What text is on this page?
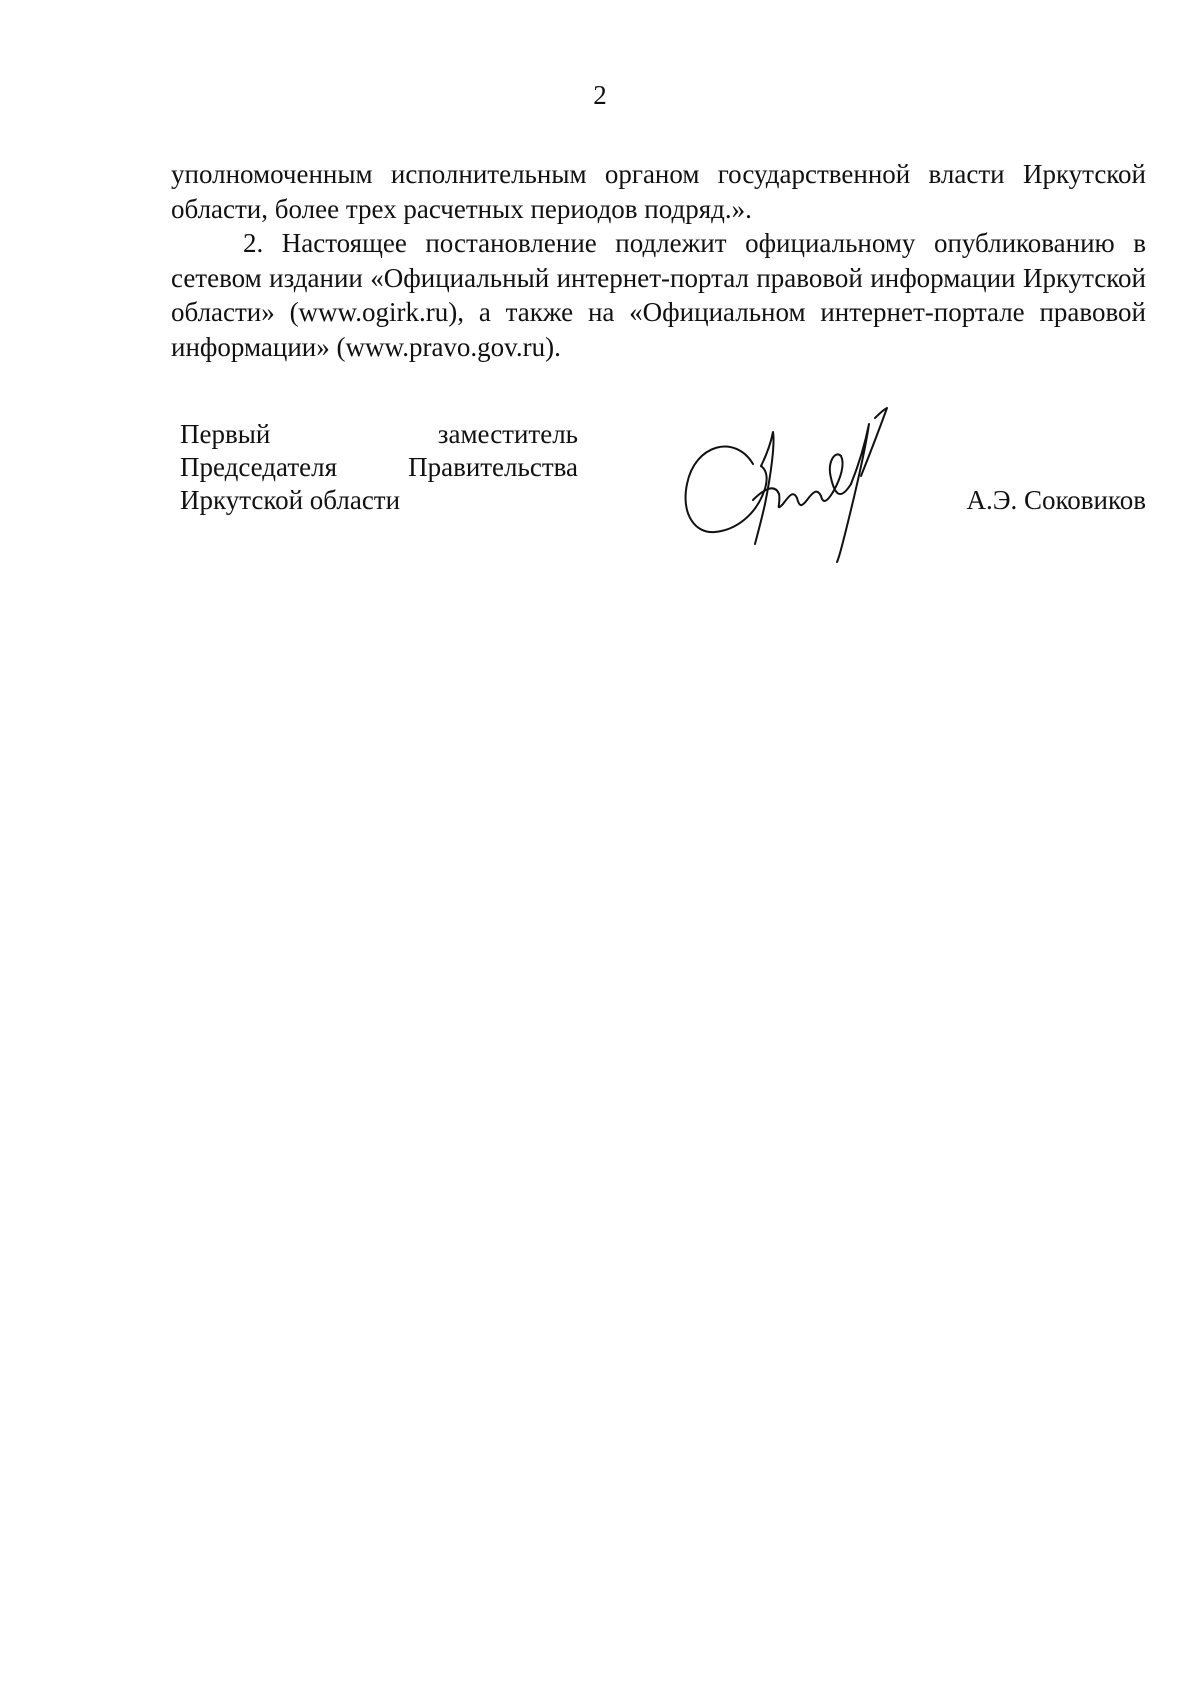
2

уполномоченным исполнительным органом государственной власти Иркутской области, более трех расчетных периодов подряд.».

2. Настоящее постановление подлежит официальному опубликованию в сетевом издании «Официальный интернет-портал правовой информации Иркутской области» (www.ogirk.ru), а также на «Официальном интернет-портале правовой информации» (www.pravo.gov.ru).

Первый заместитель
Председателя Правительства
Иркутской области	А.Э. Соковиков
